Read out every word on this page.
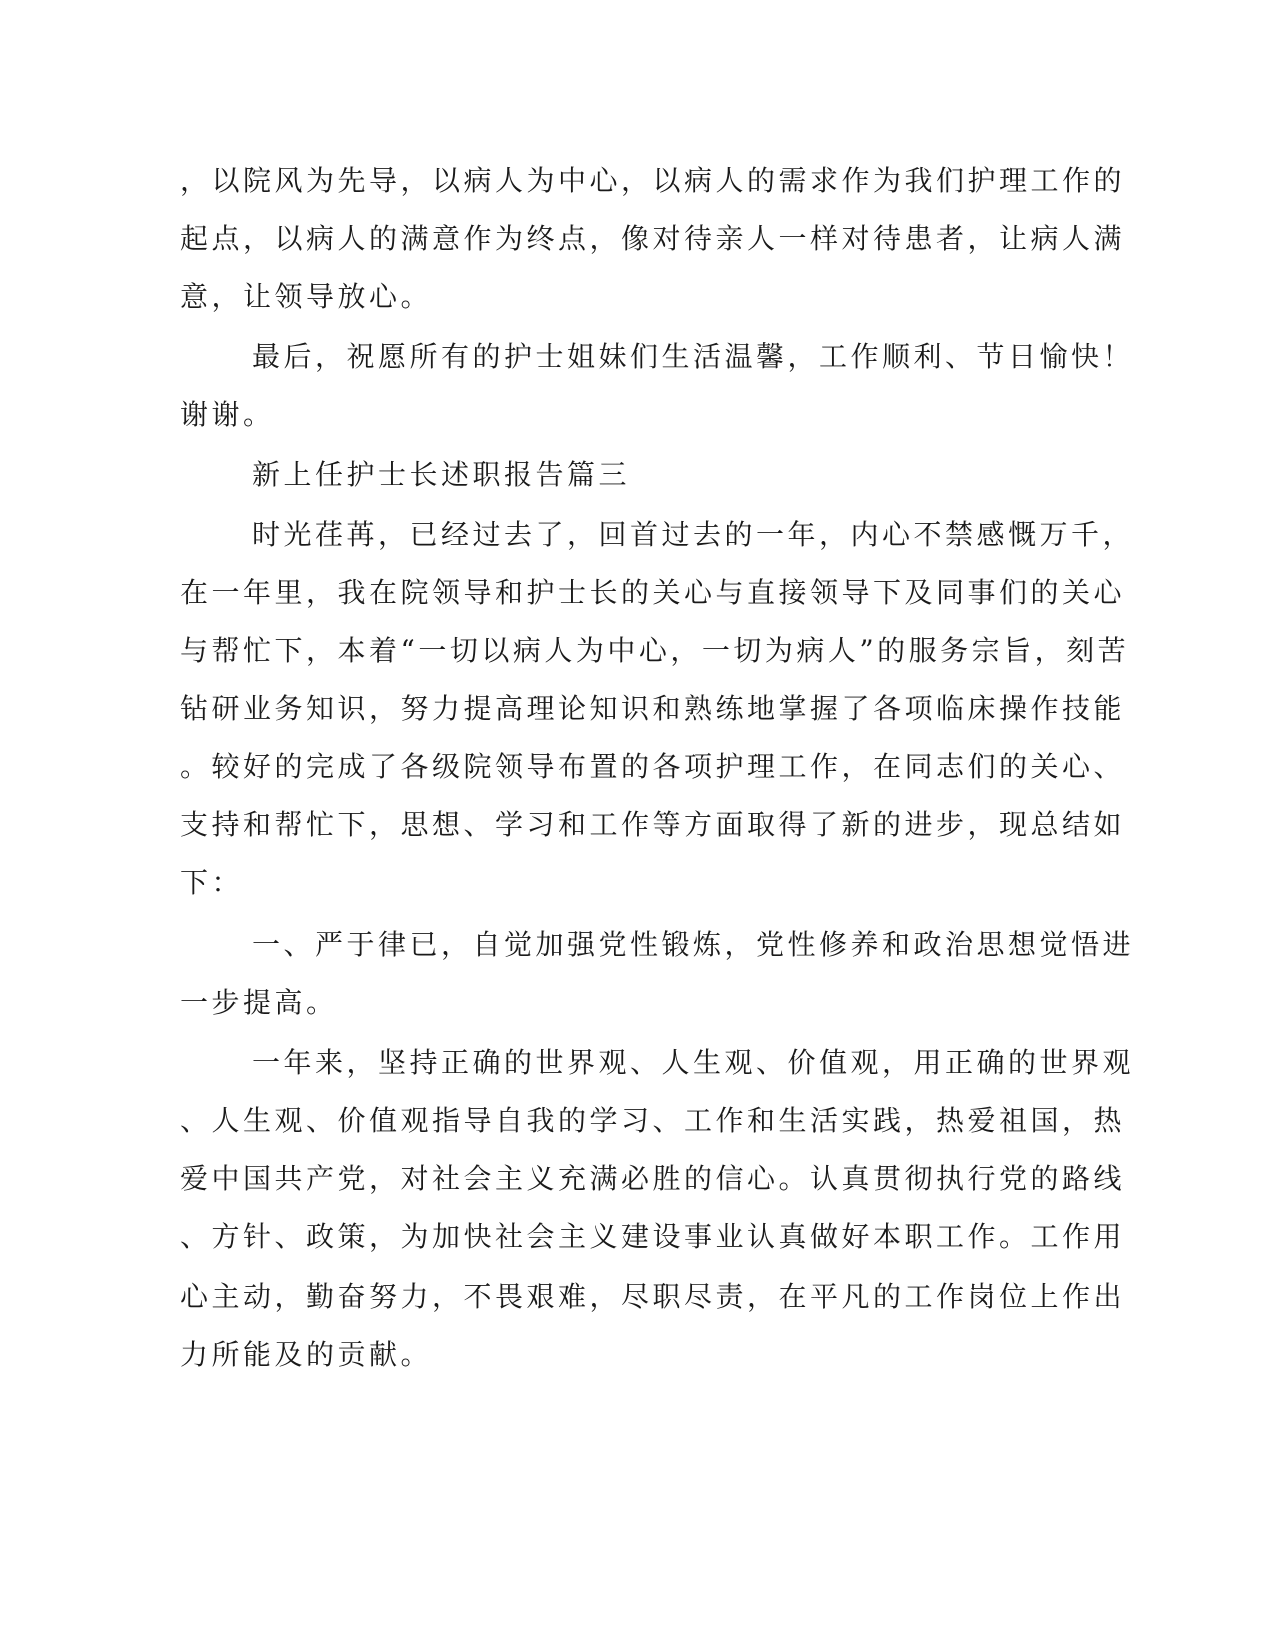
，以院风为先导，以病人为中心，以病人的需求作为我们护理工作的
起点，以病人的满意作为终点，像对待亲人一样对待患者，让病人满
意，让领导放心。
最后，祝愿所有的护士姐妹们生活温馨，工作顺利、节日愉快！
谢谢。
新上任护士长述职报告篇三
时光荏苒，已经过去了，回首过去的一年，内心不禁感慨万千，
在一年里，我在院领导和护士长的关心与直接领导下及同事们的关心
与帮忙下，本着“一切以病人为中心，一切为病人”的服务宗旨，刻苦
钻研业务知识，努力提高理论知识和熟练地掌握了各项临床操作技能
。较好的完成了各级院领导布置的各项护理工作，在同志们的关心、
支持和帮忙下，思想、学习和工作等方面取得了新的进步，现总结如
下：
一、严于律已，自觉加强党性锻炼，党性修养和政治思想觉悟进
一步提高。
一年来，坚持正确的世界观、人生观、价值观，用正确的世界观
、人生观、价值观指导自我的学习、工作和生活实践，热爱祖国，热
爱中国共产党，对社会主义充满必胜的信心。认真贯彻执行党的路线
、方针、政策，为加快社会主义建设事业认真做好本职工作。工作用
心主动，勤奋努力，不畏艰难，尽职尽责，在平凡的工作岗位上作出
力所能及的贡献。
